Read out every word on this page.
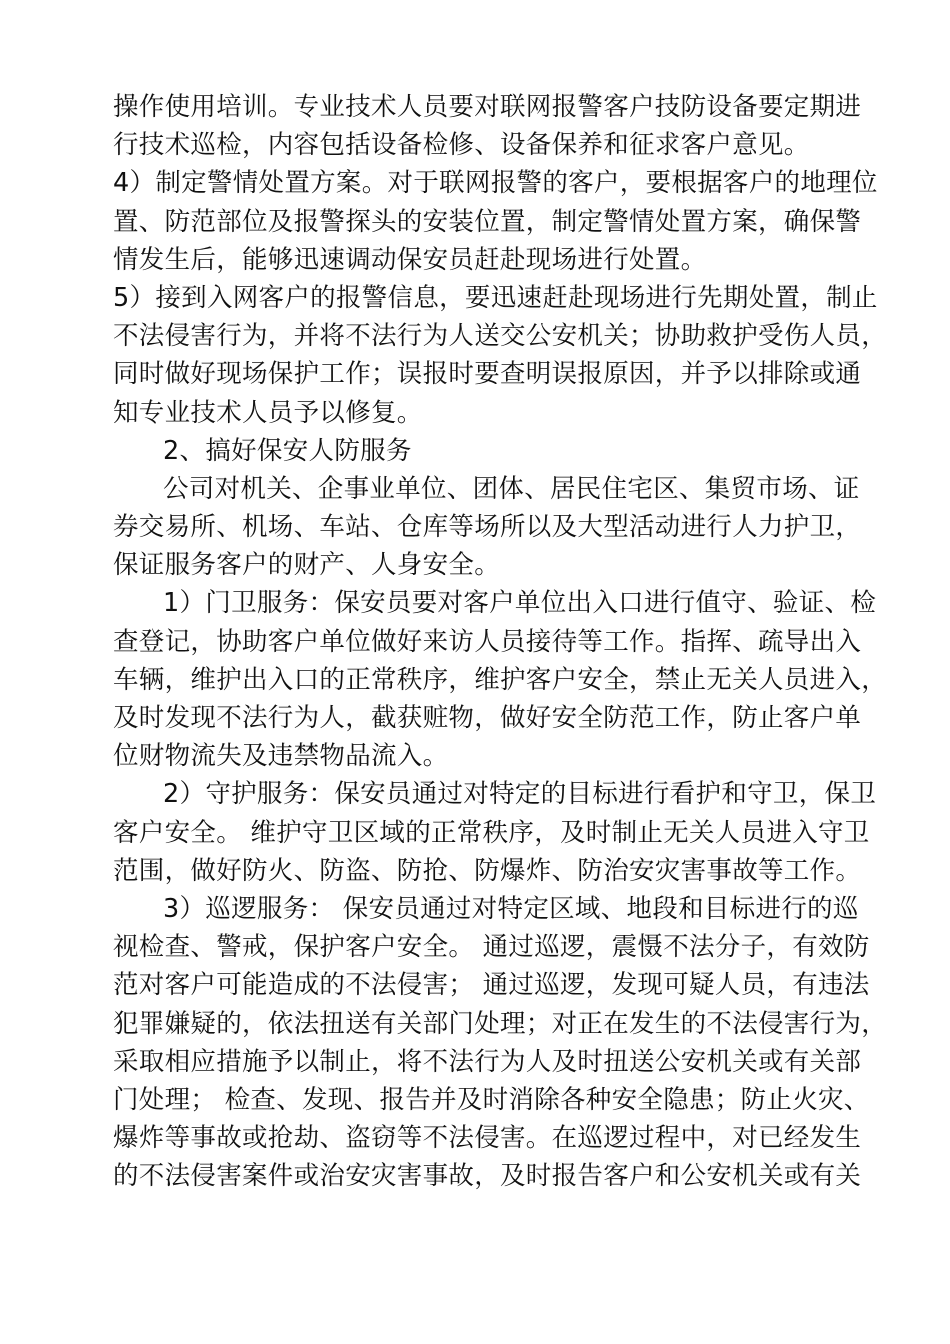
操作使用培训。专业技术人员要对联网报警客户技防设备要定期进
行技术巡检，内容包括设备检修、设备保养和征求客户意见。
4）制定警情处置方案。对于联网报警的客户，要根据客户的地理位
置、防范部位及报警探头的安装位置，制定警情处置方案，确保警
情发生后，能够迅速调动保安员赶赴现场进行处置。
5）接到入网客户的报警信息，要迅速赶赴现场进行先期处置，制止
不法侵害行为，并将不法行为人送交公安机关；协助救护受伤人员，
同时做好现场保护工作；误报时要查明误报原因，并予以排除或通
知专业技术人员予以修复。
2、搞好保安人防服务
公司对机关、企事业单位、团体、居民住宅区、集贸市场、证
券交易所、机场、车站、仓库等场所以及大型活动进行人力护卫，
保证服务客户的财产、人身安全。
1）门卫服务：保安员要对客户单位出入口进行值守、验证、检
查登记，协助客户单位做好来访人员接待等工作。指挥、疏导出入
车辆，维护出入口的正常秩序，维护客户安全，禁止无关人员进入，
及时发现不法行为人，截获赃物，做好安全防范工作，防止客户单
位财物流失及违禁物品流入。
2）守护服务：保安员通过对特定的目标进行看护和守卫，保卫
客户安全。 维护守卫区域的正常秩序，及时制止无关人员进入守卫
范围，做好防火、防盗、防抢、防爆炸、防治安灾害事故等工作。
3）巡逻服务： 保安员通过对特定区域、地段和目标进行的巡
视检查、警戒，保护客户安全。 通过巡逻，震慑不法分子，有效防
范对客户可能造成的不法侵害； 通过巡逻，发现可疑人员，有违法
犯罪嫌疑的，依法扭送有关部门处理；对正在发生的不法侵害行为，
采取相应措施予以制止，将不法行为人及时扭送公安机关或有关部
门处理； 检查、发现、报告并及时消除各种安全隐患；防止火灾、
爆炸等事故或抢劫、盗窃等不法侵害。在巡逻过程中，对已经发生
的不法侵害案件或治安灾害事故，及时报告客户和公安机关或有关
